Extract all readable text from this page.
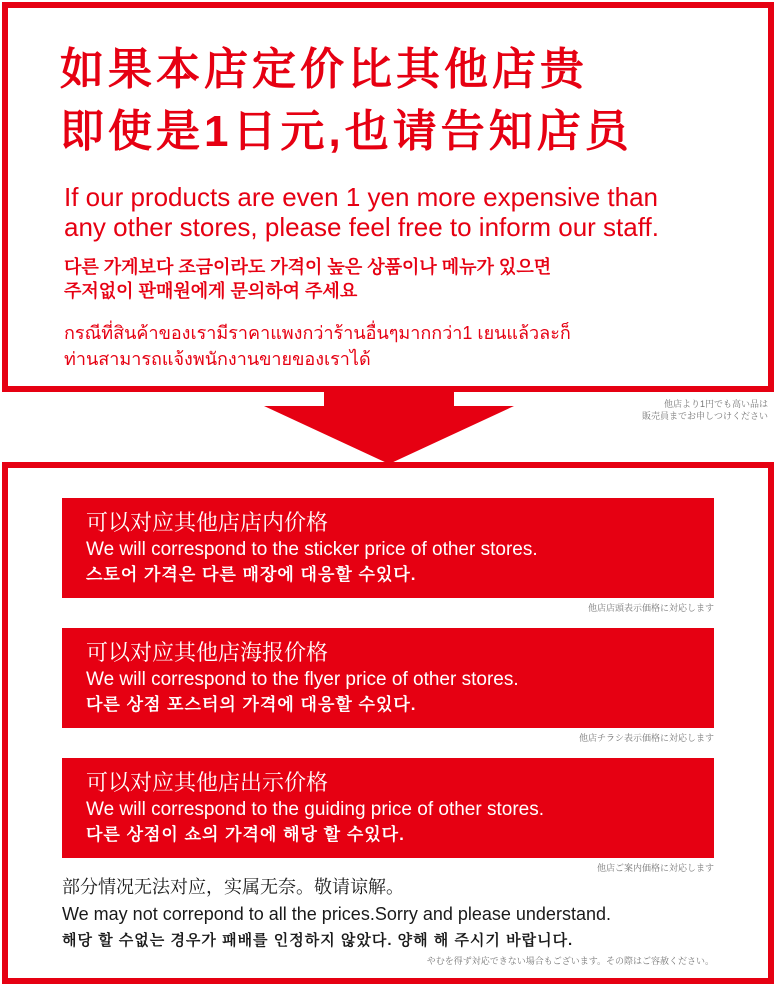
如果本店定价比其他店贵

即使是1日元,也请告知店员

If our products are even 1 yen more expensive than

any other stores, please feel free to inform our staff.

다른 가게보다 조금이라도 가격이 높은 상품이나 메뉴가 있으면

주저없이 판매원에게 문의하여 주세요

กรณีที่สินค้าของเรามีราคาแพงกว่าร้านอื่นๆมากกว่า1 เยนแล้วละก็

ท่านสามารถแจ้งพนักงานขายของเราได้

他店より1円でも高い品は
販売員までお申しつけください
可以对应其他店店内价格
We will correspond to the sticker price of other stores.
스토어 가격은 다른 매장에 대응할 수있다.
他店店頭表示価格に対応します
可以对应其他店海报价格
We will correspond to the flyer price of other stores.
다른 상점 포스터의 가격에 대응할 수있다.
他店チラシ表示価格に対応します
可以对应其他店出示价格
We will correspond to the guiding price of other stores.
다른 상점이 쇼의 가격에 해당 할 수있다.
他店ご案内価格に対応します

部分情况无法对应，实属无奈。敬请谅解。

We may not correpond to all the prices.Sorry and please understand.

해당 할 수없는 경우가 패배를 인정하지 않았다. 양해 해 주시기 바랍니다.

やむを得ず対応できない場合もございます。その際はご容赦ください。
